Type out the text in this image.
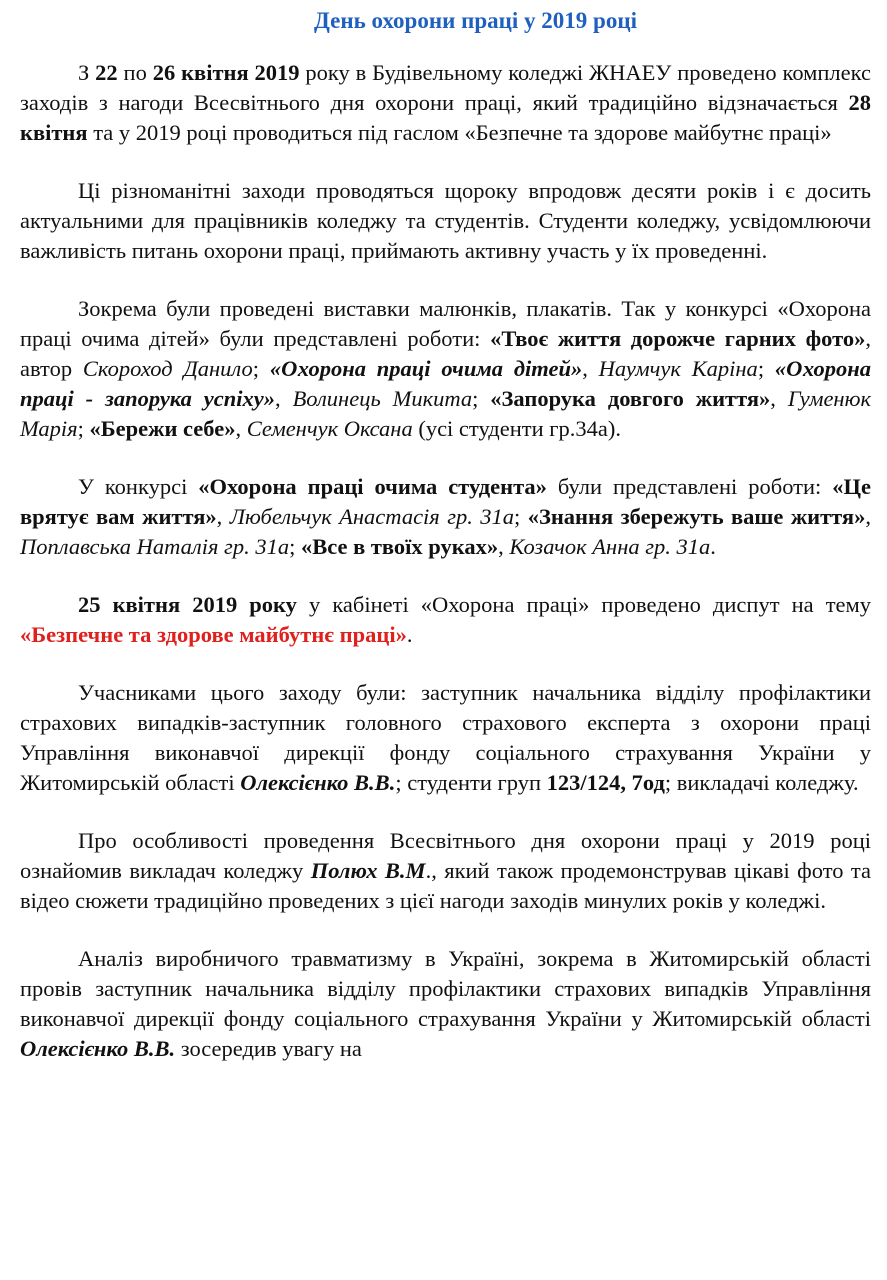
День охорони праці у 2019 році

З 22 по 26 квітня 2019 року в Будівельному коледжі ЖНАЕУ проведено комплекс заходів з нагоди Всесвітнього дня охорони праці, який традиційно відзначається 28 квітня та у 2019 році проводиться під гаслом «Безпечне та здорове майбутнє праці»

Ці різноманітні заходи проводяться щороку впродовж десяти років і є досить актуальними для працівників коледжу та студентів. Студенти коледжу, усвідомлюючи важливість питань охорони праці, приймають активну участь у їх проведенні.

Зокрема були проведені виставки малюнків, плакатів. Так у конкурсі «Охорона праці очима дітей» були представлені роботи: «Твоє життя дорожче гарних фото», автор Скороход Данило; «Охорона праці очима дітей», Наумчук Каріна; «Охорона праці - запорука успіху», Волинець Микита; «Запорука довгого життя», Гуменюк Марія; «Бережи себе», Семенчук Оксана (усі студенти гр.34а).

У конкурсі «Охорона праці очима студента» були представлені роботи: «Це врятує вам життя», Любельчук Анастасія гр. 31а; «Знання збережуть ваше життя», Поплавська Наталія гр. 31а; «Все в твоїх руках», Козачок Анна гр. 31а.

25 квітня 2019 року у кабінеті «Охорона праці» проведено диспут на тему «Безпечне та здорове майбутнє праці».

Учасниками цього заходу були: заступник начальника відділу профілактики страхових випадків-заступник головного страхового експерта з охорони праці Управління виконавчої дирекції фонду соціального страхування України у Житомирській області Олексієнко В.В.; студенти груп 123/124, 7од; викладачі коледжу.

Про особливості проведення Всесвітнього дня охорони праці у 2019 році ознайомив викладач коледжу Полюх В.М., який також продемонстрував цікаві фото та відео сюжети традиційно проведених з цієї нагоди заходів минулих років у коледжі.

Аналіз виробничого травматизму в Україні, зокрема в Житомирській області провів заступник начальника відділу профілактики страхових випадків Управління виконавчої дирекції фонду соціального страхування України у Житомирській області Олексієнко В.В. зосередив увагу на
